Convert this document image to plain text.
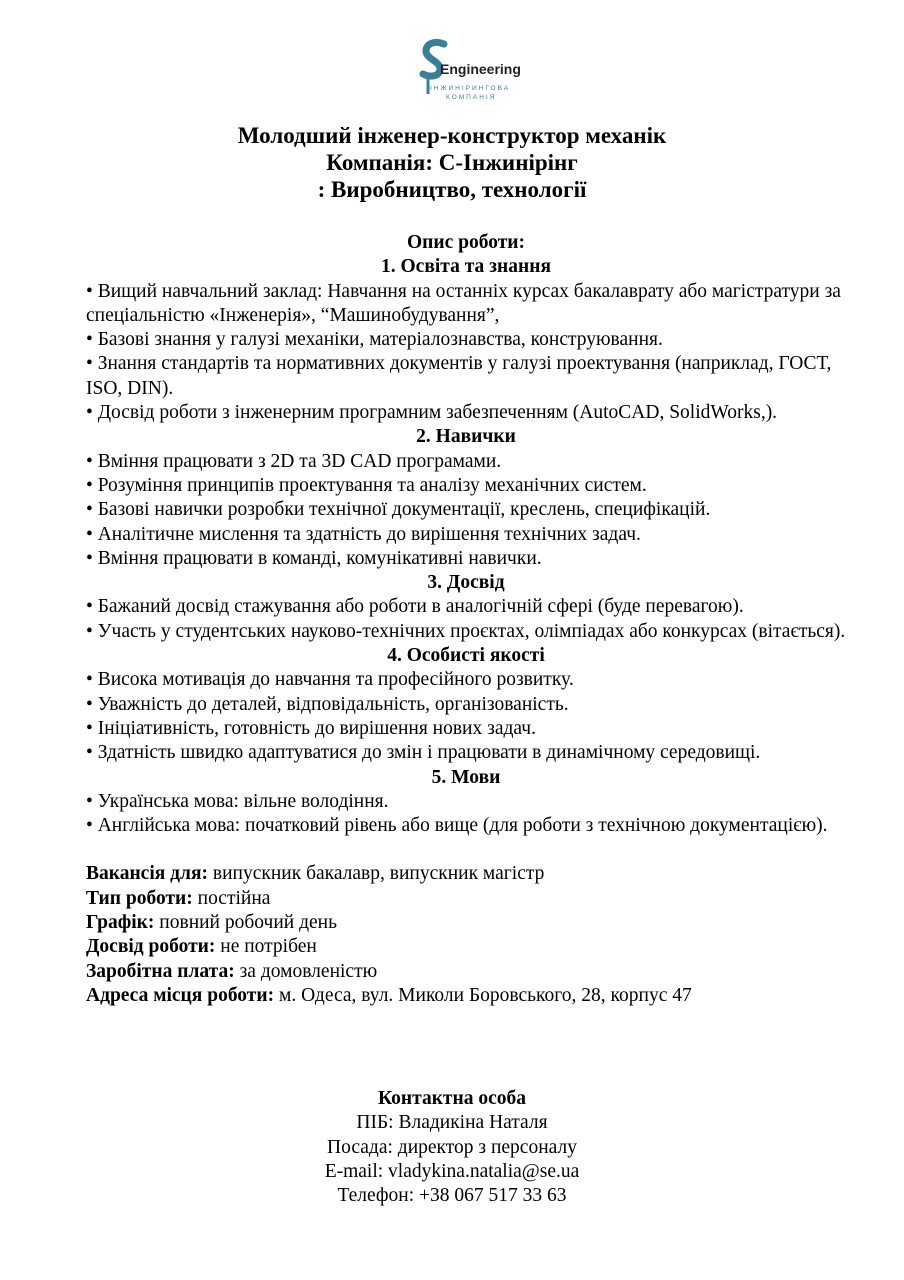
Engineering
ІНЖИНІРИНГОВА
КОМПАНІЯ
Молодший інженер-конструктор механік
Компанія: С-Інжинірінг
: Виробництво, технології
Опис роботи:
1. Освіта та знання
• Вищий навчальний заклад: Навчання на останніх курсах бакалаврату або магістратури за спеціальністю «Інженерія», “Машинобудування”,
• Базові знання у галузі механіки, матеріалознавства, конструювання.
• Знання стандартів та нормативних документів у галузі проектування (наприклад, ГОСТ, ISO, DIN).
• Досвід роботи з інженерним програмним забезпеченням (AutoCAD, SolidWorks,).
2. Навички
• Вміння працювати з 2D та 3D CAD програмами.
• Розуміння принципів проектування та аналізу механічних систем.
• Базові навички розробки технічної документації, креслень, специфікацій.
• Аналітичне мислення та здатність до вирішення технічних задач.
• Вміння працювати в команді, комунікативні навички.
3. Досвід
• Бажаний досвід стажування або роботи в аналогічній сфері (буде перевагою).
• Участь у студентських науково-технічних проєктах, олімпіадах або конкурсах (вітається).
4. Особисті якості
• Висока мотивація до навчання та професійного розвитку.
• Уважність до деталей, відповідальність, організованість.
• Ініціативність, готовність до вирішення нових задач.
• Здатність швидко адаптуватися до змін і працювати в динамічному середовищі.
5. Мови
• Українська мова: вільне володіння.
• Англійська мова: початковий рівень або вище (для роботи з технічною документацією).
Вакансія для: випускник бакалавр, випускник магістр
Тип роботи: постійна
Графік: повний робочий день
Досвід роботи: не потрібен
Заробітна плата: за домовленістю
Адреса місця роботи: м. Одеса, вул. Миколи Боровського, 28, корпус 47
Контактна особа
ПІБ: Владикіна Наталя
Посада: директор з персоналу
E-mail: vladykina.natalia@se.ua
Телефон: +38 067 517 33 63
